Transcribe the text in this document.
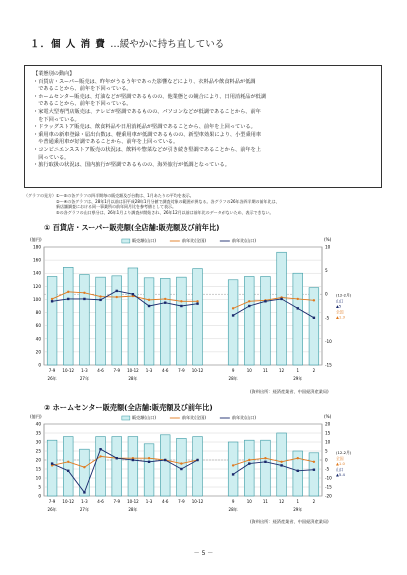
１．個 人 消 費 …緩やかに持ち直している
【業態別の動向】
・百貨店・スーパー販売は、昨年がうるう年であった影響などにより、衣料品や飲食料品が低調
　であることから、前年を下回っている。
・ホームセンター販売は、灯油などが堅調であるものの、他業態との競合により、日用消耗品が低調
　であることから、前年を下回っている。
・家電大型専門店販売は、テレビが堅調であるものの、パソコンなどが低調であることから、前年
　を下回っている。
・ドラッグストア販売は、飲食料品や日用消耗品が堅調であることから、前年を上回っている。
・乗用車の新車登録・届出台数は、軽乗用車が低調であるものの、新型車効果により、小型乗用車
　や普通乗用車が好調であることから、前年を上回っている。
・コンビニエンスストア販売の状況は、飲料や惣菜などが引き続き堅調であることから、前年を上
　回っている。
・旅行取扱の状況は、国内旅行が堅調であるものの、海外旅行が低調となっている。
（グラフの見方）①～⑤の各グラフの四半期毎の販売額及び台数は、1月あたりの平均を表示。
　　　　　　　　②～④の各グラフは、28年1月以前は旧平成28年1月分値で調査対象の範囲が異なる。各グラフの26年各四半期の前年比は、
　　　　　　　　新店舗調査における同一事業所の前年同月比を参考値として表示。
　　　　　　　　⑤の各グラフの山口県分は、26年1月より調査が開始され、26年12月以前は前年比のデータがないため、表示できない。
① 百貨店・スーパー販売額(全店舗:販売額及び前年比)
180
160
140
120
100
80
60
40
20
0
10
5
0
-5
-10
-15
(億円)	(%)
販売額(山口)	前年比(全国)	前年比(山口)
7-9 10-12 1-3 4-6 7-9 10-12 1-3 4-6 7-9 10-12	9	10	11	12	1	2
26年	27年	28年	28年	29年
(12-2月)
山口
▲5
全国
▲1.3
(資料出所：経済産業省、中国経済産業局)
② ホームセンター販売額(全店舗:販売額及び前年比)
40
35
30
25
20
15
10
5
0
20
15
10
5
0
-5
-10
-15
-20
(億円)	(%)
販売額(山口)	前年比(全国)	前年比(山口)
7-9 10-12 1-3 4-6 7-9 10-12 1-3 4-6 7-9 10-12	9	10	11	12	1	2
26年	27年	28年	28年	29年
(12-2月)
全国
▲1.0
山口
▲5.4
(資料出所：経済産業省、中国経済産業局)
－ 5 －
